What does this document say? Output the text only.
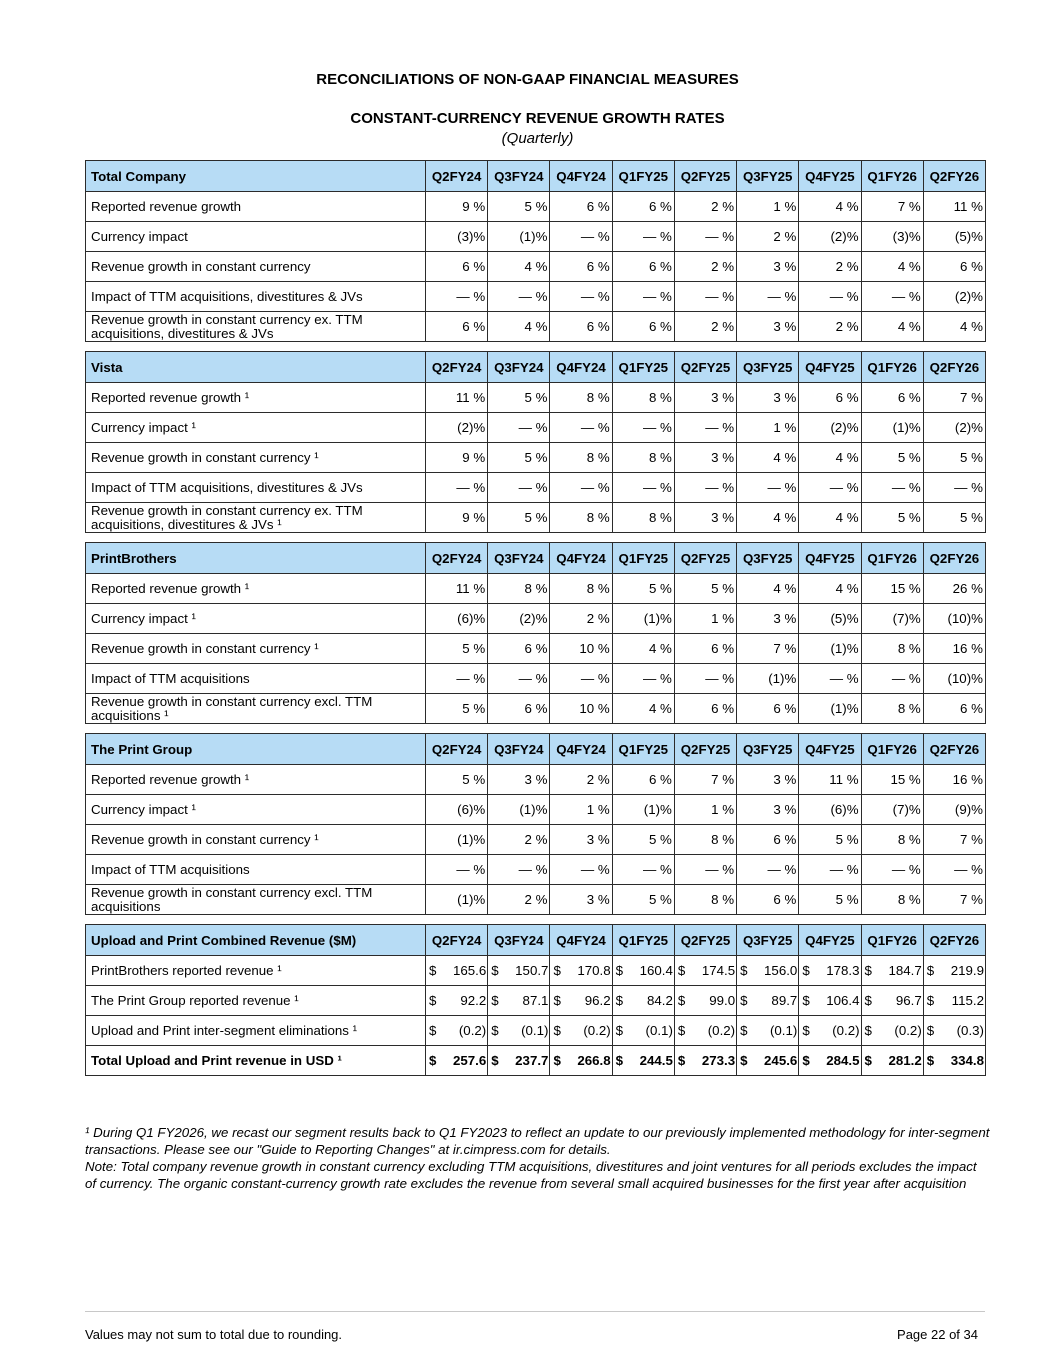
RECONCILIATIONS OF NON-GAAP FINANCIAL MEASURES
CONSTANT-CURRENCY REVENUE GROWTH RATES
(Quarterly)
Total Company	Q2FY24	Q3FY24	Q4FY24	Q1FY25	Q2FY25	Q3FY25	Q4FY25	Q1FY26	Q2FY26
Reported revenue growth	9 %	5 %	6 %	6 %	2 %	1 %	4 %	7 %	11 %
Currency impact	(3)%	(1)%	— %	— %	— %	2 %	(2)%	(3)%	(5)%
Revenue growth in constant currency	6 %	4 %	6 %	6 %	2 %	3 %	2 %	4 %	6 %
Impact of TTM acquisitions, divestitures & JVs	— %	— %	— %	— %	— %	— %	— %	— %	(2)%
Revenue growth in constant currency ex. TTM acquisitions, divestitures & JVs	6 %	4 %	6 %	6 %	2 %	3 %	2 %	4 %	4 %
Vista	Q2FY24	Q3FY24	Q4FY24	Q1FY25	Q2FY25	Q3FY25	Q4FY25	Q1FY26	Q2FY26
Reported revenue growth ¹	11 %	5 %	8 %	8 %	3 %	3 %	6 %	6 %	7 %
Currency impact ¹	(2)%	— %	— %	— %	— %	1 %	(2)%	(1)%	(2)%
Revenue growth in constant currency ¹	9 %	5 %	8 %	8 %	3 %	4 %	4 %	5 %	5 %
Impact of TTM acquisitions, divestitures & JVs	— %	— %	— %	— %	— %	— %	— %	— %	— %
Revenue growth in constant currency ex. TTM acquisitions, divestitures & JVs ¹	9 %	5 %	8 %	8 %	3 %	4 %	4 %	5 %	5 %
PrintBrothers	Q2FY24	Q3FY24	Q4FY24	Q1FY25	Q2FY25	Q3FY25	Q4FY25	Q1FY26	Q2FY26
Reported revenue growth ¹	11 %	8 %	8 %	5 %	5 %	4 %	4 %	15 %	26 %
Currency impact ¹	(6)%	(2)%	2 %	(1)%	1 %	3 %	(5)%	(7)%	(10)%
Revenue growth in constant currency ¹	5 %	6 %	10 %	4 %	6 %	7 %	(1)%	8 %	16 %
Impact of TTM acquisitions	— %	— %	— %	— %	— %	(1)%	— %	— %	(10)%
Revenue growth in constant currency excl. TTM acquisitions ¹	5 %	6 %	10 %	4 %	6 %	6 %	(1)%	8 %	6 %
The Print Group	Q2FY24	Q3FY24	Q4FY24	Q1FY25	Q2FY25	Q3FY25	Q4FY25	Q1FY26	Q2FY26
Reported revenue growth ¹	5 %	3 %	2 %	6 %	7 %	3 %	11 %	15 %	16 %
Currency impact ¹	(6)%	(1)%	1 %	(1)%	1 %	3 %	(6)%	(7)%	(9)%
Revenue growth in constant currency ¹	(1)%	2 %	3 %	5 %	8 %	6 %	5 %	8 %	7 %
Impact of TTM acquisitions	— %	— %	— %	— %	— %	— %	— %	— %	— %
Revenue growth in constant currency excl. TTM acquisitions	(1)%	2 %	3 %	5 %	8 %	6 %	5 %	8 %	7 %
Upload and Print Combined Revenue ($M)	Q2FY24	Q3FY24	Q4FY24	Q1FY25	Q2FY25	Q3FY25	Q4FY25	Q1FY26	Q2FY26
PrintBrothers reported revenue ¹	$ 165.6	$ 150.7	$ 170.8	$ 160.4	$ 174.5	$ 156.0	$ 178.3	$ 184.7	$ 219.9

The Print Group reported revenue ¹	$ 92.2	$ 87.1	$ 96.2	$ 84.2	$ 99.0	$ 89.7	$ 106.4	$ 96.7	$ 115.2

Upload and Print inter-segment eliminations ¹	$ (0.2)	$ (0.1)	$ (0.2)	$ (0.1)	$ (0.2)	$ (0.1)	$ (0.2)	$ (0.2)	$ (0.3)

Total Upload and Print revenue in USD ¹	$ 257.6	$ 237.7	$ 266.8	$ 244.5	$ 273.3	$ 245.6	$ 284.5	$ 281.2	$ 334.8

¹ During Q1 FY2026, we recast our segment results back to Q1 FY2023 to reflect an update to our previously implemented methodology for inter-segment transactions. Please see our "Guide to Reporting Changes" at ir.cimpress.com for details.

Note: Total company revenue growth in constant currency excluding TTM acquisitions, divestitures and joint ventures for all periods excludes the impact of currency. The organic constant-currency growth rate excludes the revenue from several small acquired businesses for the first year after acquisition

Values may not sum to total due to rounding.	Page 22 of 34
